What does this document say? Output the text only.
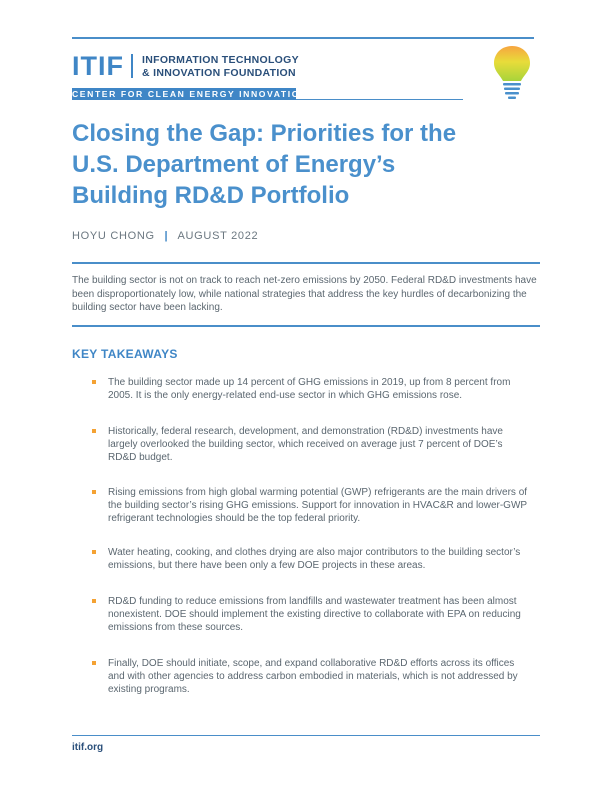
ITIF INFORMATION TECHNOLOGY
& INNOVATION FOUNDATION
CENTER FOR CLEAN ENERGY INNOVATION
Closing the Gap: Priorities for the
U.S. Department of Energy’s
Building RD&D Portfolio
HOYU CHONG | AUGUST 2022
The building sector is not on track to reach net-zero emissions by 2050. Federal RD&D investments have been disproportionately low, while national strategies that address the key hurdles of decarbonizing the building sector have been lacking.
KEY TAKEAWAYS
The building sector made up 14 percent of GHG emissions in 2019, up from 8 percent from 2005. It is the only energy-related end-use sector in which GHG emissions rose.
Historically, federal research, development, and demonstration (RD&D) investments have largely overlooked the building sector, which received on average just 7 percent of DOE’s RD&D budget.
Rising emissions from high global warming potential (GWP) refrigerants are the main drivers of the building sector’s rising GHG emissions. Support for innovation in HVAC&R and lower-GWP refrigerant technologies should be the top federal priority.
Water heating, cooking, and clothes drying are also major contributors to the building sector’s emissions, but there have been only a few DOE projects in these areas.
RD&D funding to reduce emissions from landfills and wastewater treatment has been almost nonexistent. DOE should implement the existing directive to collaborate with EPA on reducing emissions from these sources.
Finally, DOE should initiate, scope, and expand collaborative RD&D efforts across its offices and with other agencies to address carbon embodied in materials, which is not addressed by existing programs.
itif.org
